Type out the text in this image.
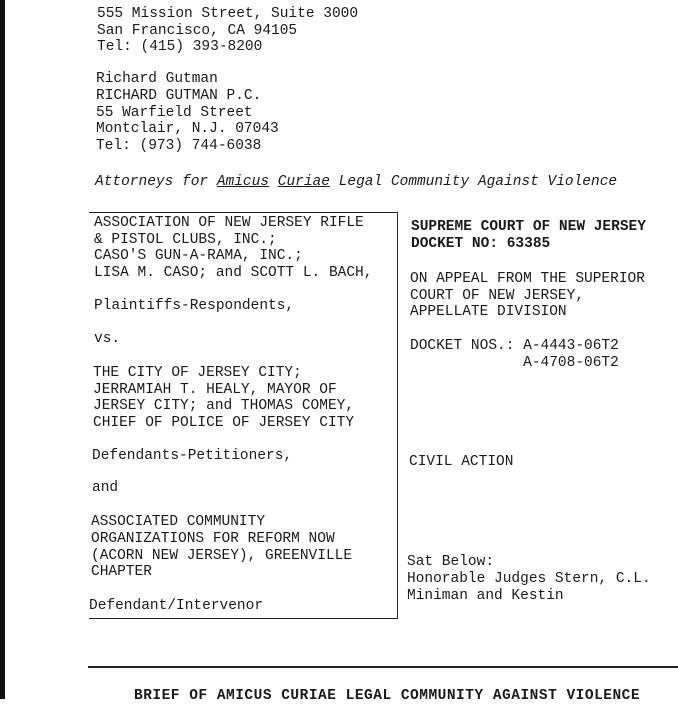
555 Mission Street, Suite 3000
San Francisco, CA 94105
Tel: (415) 393-8200
Richard Gutman
RICHARD GUTMAN P.C.
55 Warfield Street
Montclair, N.J. 07043
Tel: (973) 744-6038
Attorneys for Amicus Curiae Legal Community Against Violence
ASSOCIATION OF NEW JERSEY RIFLE
& PISTOL CLUBS, INC.;
CASO'S GUN-A-RAMA, INC.;
LISA M. CASO; and SCOTT L. BACH,
Plaintiffs-Respondents,
vs.
THE CITY OF JERSEY CITY;
JERRAMIAH T. HEALY, MAYOR OF
JERSEY CITY; and THOMAS COMEY,
CHIEF OF POLICE OF JERSEY CITY
Defendants-Petitioners,
and
ASSOCIATED COMMUNITY
ORGANIZATIONS FOR REFORM NOW
(ACORN NEW JERSEY), GREENVILLE
CHAPTER
Defendant/Intervenor
SUPREME COURT OF NEW JERSEY
DOCKET NO: 63385
ON APPEAL FROM THE SUPERIOR
COURT OF NEW JERSEY,
APPELLATE DIVISION
DOCKET NOS.: A-4443-06T2
A-4708-06T2
CIVIL ACTION
Sat Below:
Honorable Judges Stern, C.L.
Miniman and Kestin
BRIEF OF AMICUS CURIAE LEGAL COMMUNITY AGAINST VIOLENCE
